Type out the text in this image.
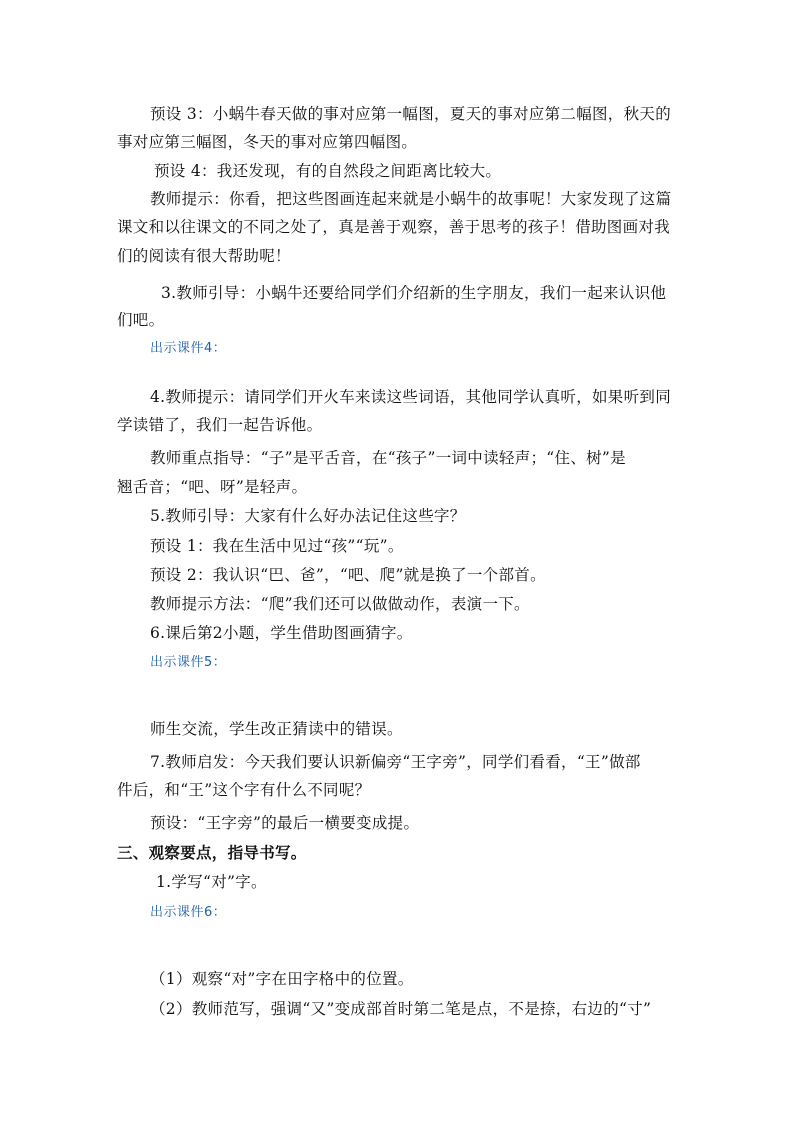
预设 3：小蜗牛春天做的事对应第一幅图，夏天的事对应第二幅图，秋天的
事对应第三幅图，冬天的事对应第四幅图。
预设 4：我还发现，有的自然段之间距离比较大。
教师提示：你看，把这些图画连起来就是小蜗牛的故事呢！大家发现了这篇
课文和以往课文的不同之处了，真是善于观察，善于思考的孩子！借助图画对我
们的阅读有很大帮助呢！
3.教师引导：小蜗牛还要给同学们介绍新的生字朋友，我们一起来认识他
们吧。
出示课件4：
4.教师提示：请同学们开火车来读这些词语，其他同学认真听，如果听到同
学读错了，我们一起告诉他。
教师重点指导：“子”是平舌音，在“孩子”一词中读轻声；“住、树”是
翘舌音；“吧、呀”是轻声。
5.教师引导：大家有什么好办法记住这些字？
预设 1：我在生活中见过“孩”“玩”。
预设 2：我认识“巴、爸”，“吧、爬”就是换了一个部首。
教师提示方法：“爬”我们还可以做做动作，表演一下。
6.课后第2小题，学生借助图画猜字。
出示课件5：
师生交流，学生改正猜读中的错误。
7.教师启发：今天我们要认识新偏旁“王字旁”，同学们看看，“王”做部
件后，和“王”这个字有什么不同呢？
预设：“王字旁”的最后一横要变成提。
三、观察要点，指导书写。
1.学写“对”字。
出示课件6：
（1）观察“对”字在田字格中的位置。
（2）教师范写，强调“又”变成部首时第二笔是点，不是捺，右边的“寸”
